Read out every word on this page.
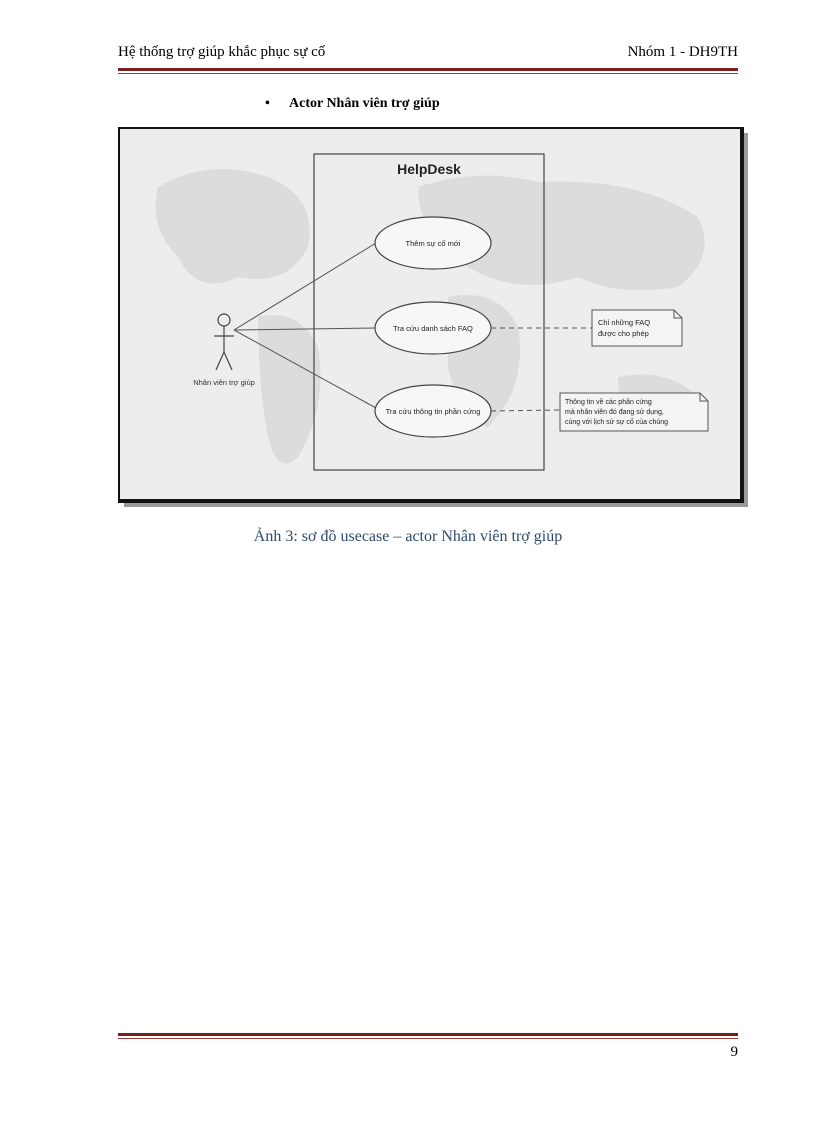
Hệ thống trợ giúp khắc phục sự cố	Nhóm 1 - DH9TH
• Actor Nhân viên trợ giúp
HelpDesk
Nhân viên trợ giúp
Thêm sự cố mới
Tra cứu danh sách FAQ
Tra cứu thông tin phần cứng
Chỉ những FAQ
được cho phép
Thông tin về các phần cứng
mà nhân viên đó đang sử dụng,
cùng với lịch sử sự cố của chúng
Ảnh 3: sơ đồ usecase – actor Nhân viên trợ giúp
9
